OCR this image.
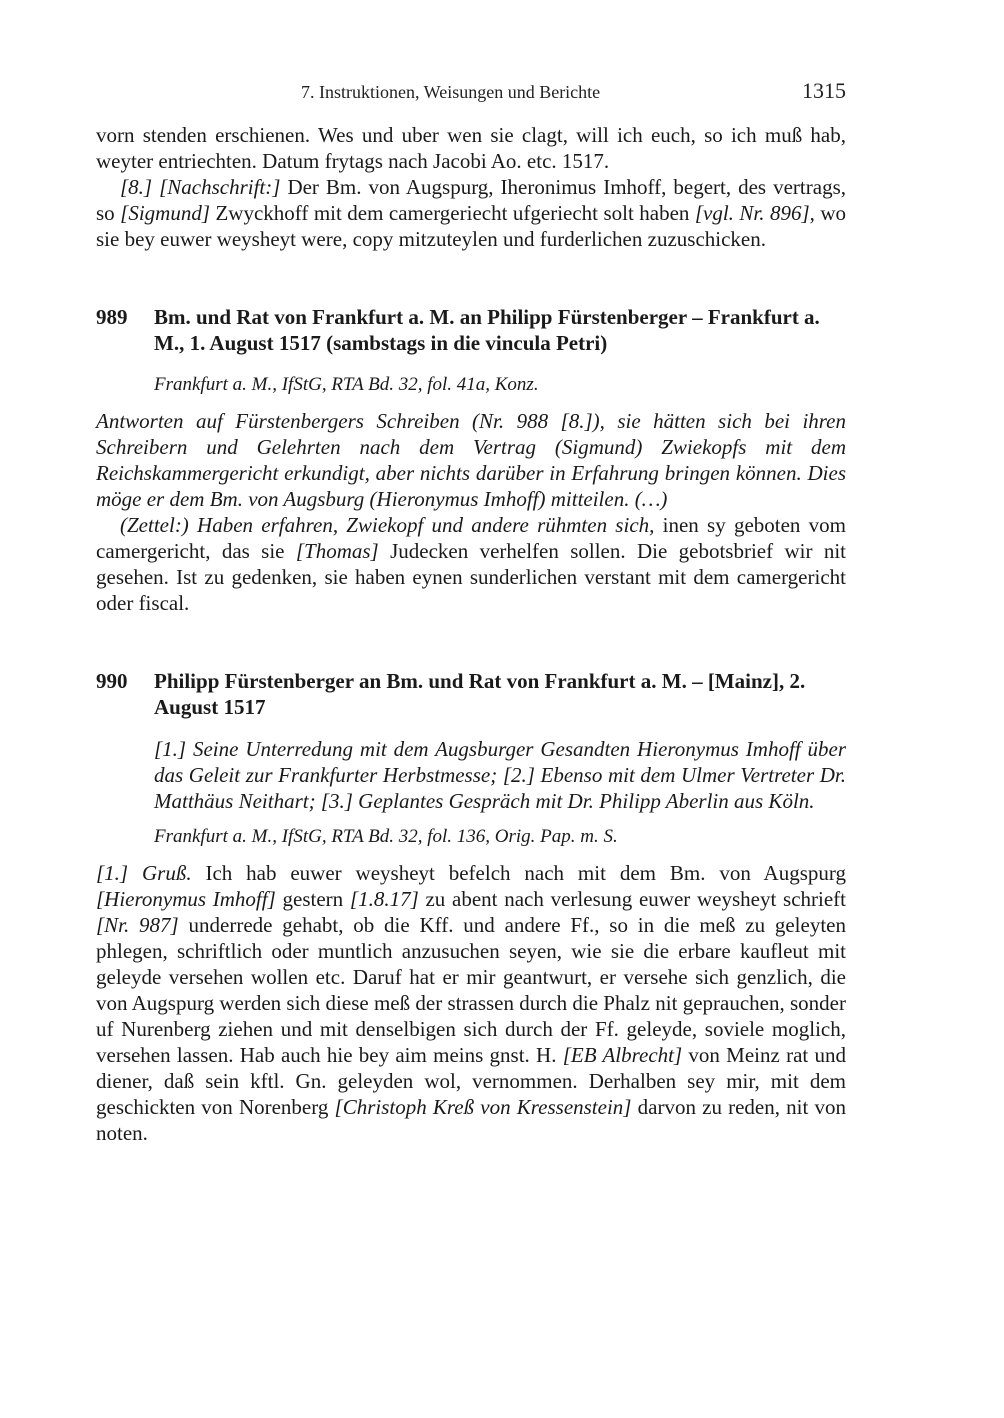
7. Instruktionen, Weisungen und Berichte	1315

vorn stenden erschienen. Wes und uber wen sie clagt, will ich euch, so ich muß hab, weyter entriechten. Datum frytags nach Jacobi Ao. etc. 1517.

[8.] [Nachschrift:] Der Bm. von Augspurg, Iheronimus Imhoff, begert, des vertrags, so [Sigmund] Zwyckhoff mit dem camergeriecht ufgeriecht solt haben [vgl. Nr. 896], wo sie bey euwer weysheyt were, copy mitzuteylen und furderlichen zuzuschicken.

989	Bm. und Rat von Frankfurt a. M. an Philipp Fürstenberger – Frankfurt a. M., 1. August 1517 (sambstags in die vincula Petri)

Frankfurt a. M., IfStG, RTA Bd. 32, fol. 41a, Konz.

Antworten auf Fürstenbergers Schreiben (Nr. 988 [8.]), sie hätten sich bei ihren Schreibern und Gelehrten nach dem Vertrag (Sigmund) Zwiekopfs mit dem Reichskammergericht erkundigt, aber nichts darüber in Erfahrung bringen können. Dies möge er dem Bm. von Augsburg (Hieronymus Imhoff) mitteilen. (…)

(Zettel:) Haben erfahren, Zwiekopf und andere rühmten sich, inen sy geboten vom camergericht, das sie [Thomas] Judecken verhelfen sollen. Die gebotsbrief wir nit gesehen. Ist zu gedenken, sie haben eynen sunderlichen verstant mit dem camergericht oder fiscal.

990	Philipp Fürstenberger an Bm. und Rat von Frankfurt a. M. – [Mainz], 2. August 1517

[1.] Seine Unterredung mit dem Augsburger Gesandten Hieronymus Imhoff über das Geleit zur Frankfurter Herbstmesse; [2.] Ebenso mit dem Ulmer Vertreter Dr. Matthäus Neithart; [3.] Geplantes Gespräch mit Dr. Philipp Aberlin aus Köln.

Frankfurt a. M., IfStG, RTA Bd. 32, fol. 136, Orig. Pap. m. S.

[1.] Gruß. Ich hab euwer weysheyt befelch nach mit dem Bm. von Augspurg [Hieronymus Imhoff] gestern [1.8.17] zu abent nach verlesung euwer weysheyt schrieft [Nr. 987] underrede gehabt, ob die Kff. und andere Ff., so in die meß zu geleyten phlegen, schriftlich oder muntlich anzusuchen seyen, wie sie die erbare kaufleut mit geleyde versehen wollen etc. Daruf hat er mir geantwurt, er versehe sich genzlich, die von Augspurg werden sich diese meß der strassen durch die Phalz nit geprauchen, sonder uf Nurenberg ziehen und mit denselbigen sich durch der Ff. geleyde, soviele moglich, versehen lassen. Hab auch hie bey aim meins gnst. H. [EB Albrecht] von Meinz rat und diener, daß sein kftl. Gn. geleyden wol, vernommen. Derhalben sey mir, mit dem geschickten von Norenberg [Christoph Kreß von Kressenstein] darvon zu reden, nit von noten.
